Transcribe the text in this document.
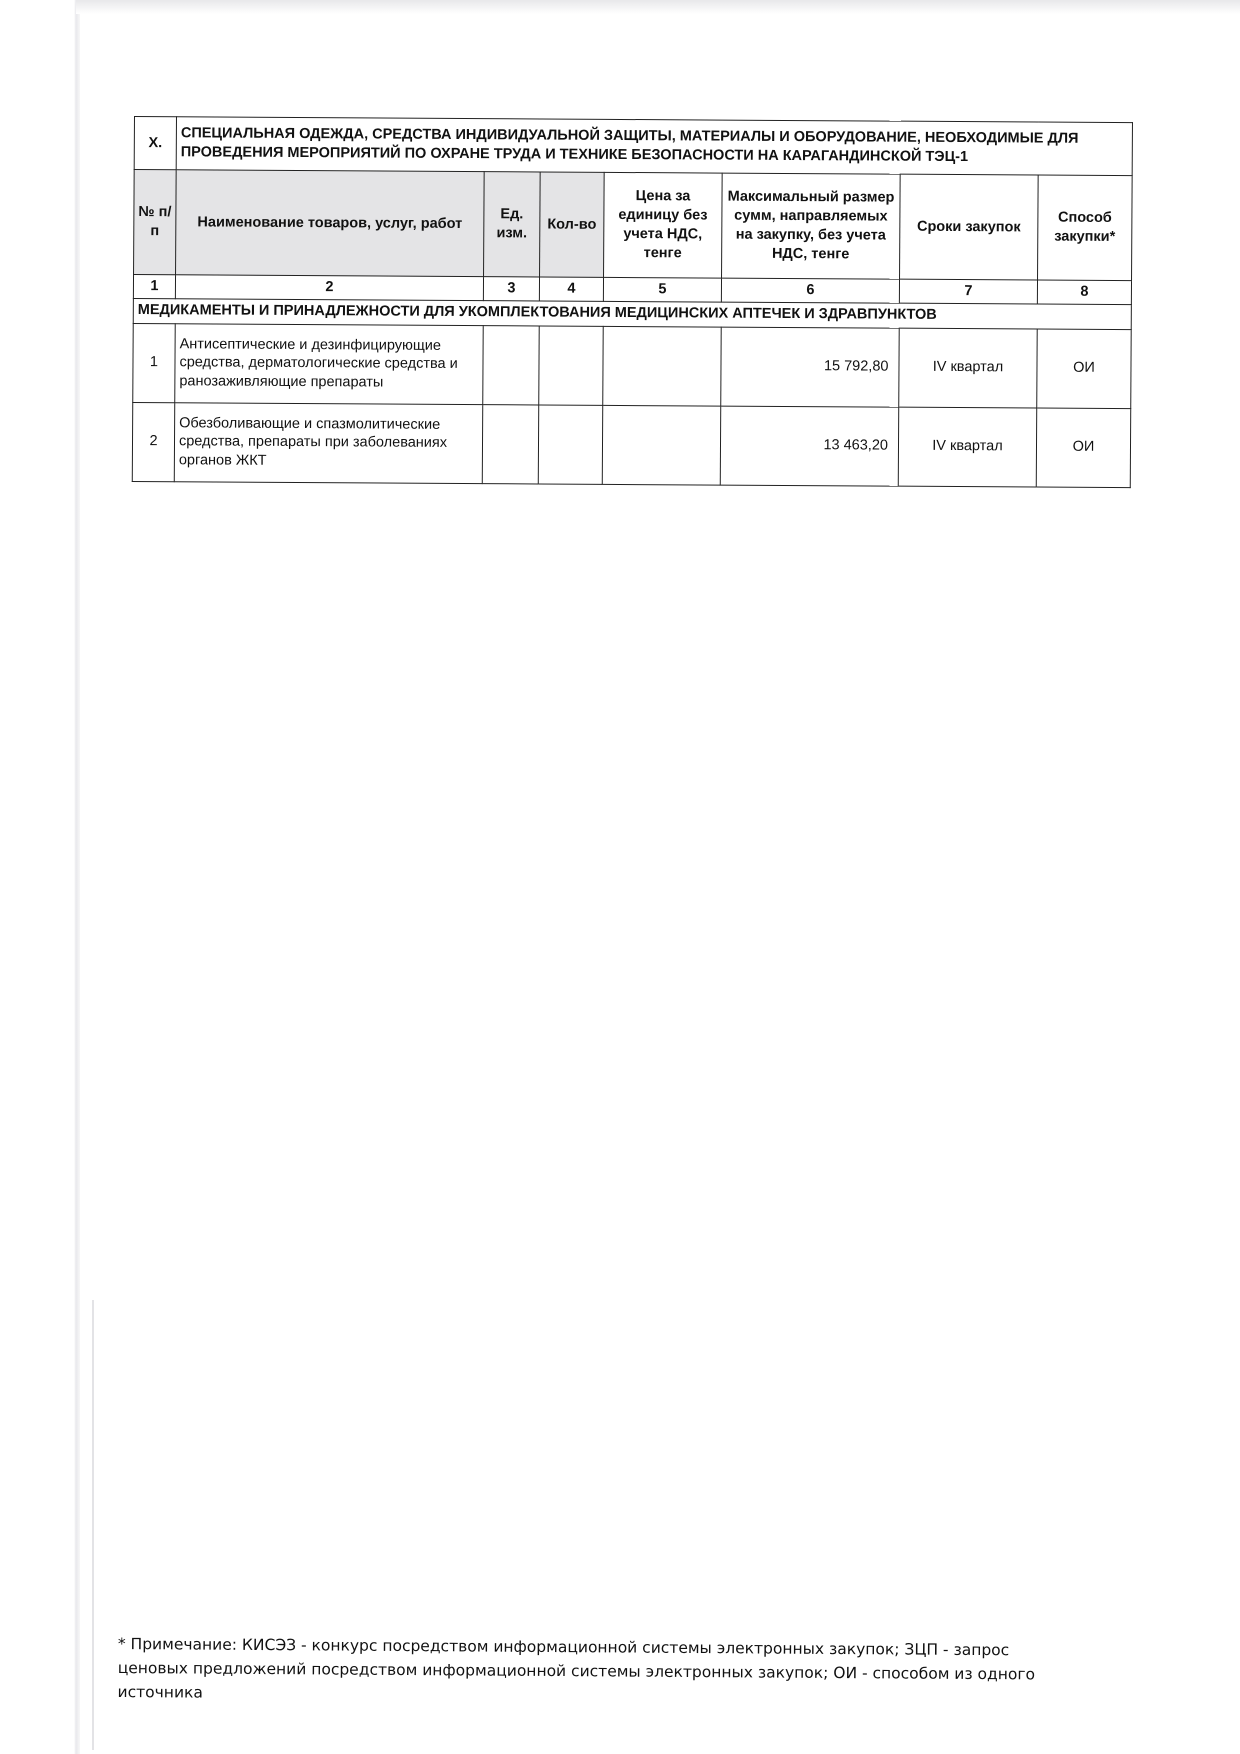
X.	СПЕЦИАЛЬНАЯ ОДЕЖДА, СРЕДСТВА ИНДИВИДУАЛЬНОЙ ЗАЩИТЫ, МАТЕРИАЛЫ И ОБОРУДОВАНИЕ, НЕОБХОДИМЫЕ ДЛЯ ПРОВЕДЕНИЯ МЕРОПРИЯТИЙ ПО ОХРАНЕ ТРУДА И ТЕХНИКЕ БЕЗОПАСНОСТИ НА КАРАГАНДИНСКОЙ ТЭЦ-1						
№ п/п	Наименование товаров, услуг, работ	Ед. изм.	Кол-во	Цена за единицу без учета НДС, тенге	Максимальный размер сумм, направляемых на закупку, без учета НДС, тенге	Сроки закупок	Способ закупки*
1	2	3	4	5	6	7	8
МЕДИКАМЕНТЫ И ПРИНАДЛЕЖНОСТИ ДЛЯ УКОМПЛЕКТОВАНИЯ МЕДИЦИНСКИХ АПТЕЧЕК И ЗДРАВПУНКТОВ							
1	Антисептические и дезинфицирующие средства, дерматологические средства и ранозаживляющие препараты				15 792,80	IV квартал	ОИ
2	Обезболивающие и спазмолитические средства, препараты при заболеваниях органов ЖКТ				13 463,20	IV квартал	ОИ
* Примечание: КИСЭЗ - конкурс посредством информационной системы электронных закупок; ЗЦП - запрос ценовых предложений посредством информационной системы электронных закупок; ОИ - способом из одного источника
